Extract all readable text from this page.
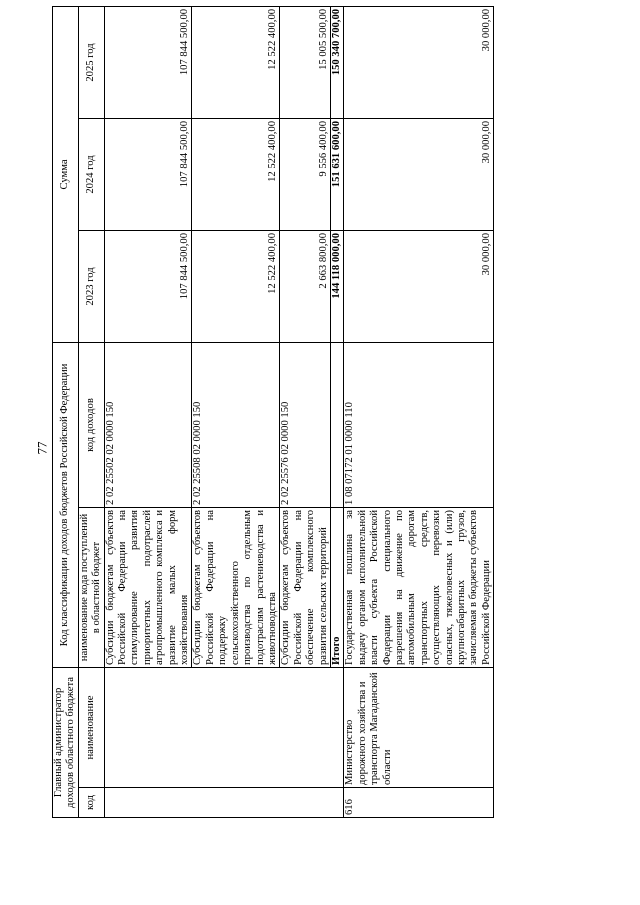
77
Главный администратор доходов областного бюджета		Код классификации доходов бюджетов Российской Федерации		Сумма		
код	наименование	наименование кода поступлений в областной бюджет	код доходов	2023 год	2024 год	2025 год
		Субсидии бюджетам субъектов Российской Федерации на стимулирование развития приоритетных подотраслей агропромышленного комплекса и развитие малых форм хозяйствования	2 02 25502 02 0000 150	107 844 500,00	107 844 500,00	107 844 500,00
		Субсидии бюджетам субъектов Российской Федерации на поддержку сельскохозяйственного производства по отдельным подотраслям растениеводства и животноводства	2 02 25508 02 0000 150	12 522 400,00	12 522 400,00	12 522 400,00
		Субсидии бюджетам субъектов Российской Федерации на обеспечение комплексного развития сельских территорий	2 02 25576 02 0000 150	2 663 800,00	9 556 400,00	15 005 500,00
		Итого		144 118 000,00	151 631 600,00	150 340 700,00
616	Министерство дорожного хозяйства и транспорта Магаданской области	Государственная пошлина за выдачу органом исполнительной власти субъекта Российской Федерации специального разрешения на движение по автомобильным дорогам транспортных средств, осуществляющих перевозки опасных, тяжеловесных и (или) крупногабаритных грузов, зачисляемая в бюджеты субъектов Российской Федерации	1 08 07172 01 0000 110	30 000,00	30 000,00	30 000,00
